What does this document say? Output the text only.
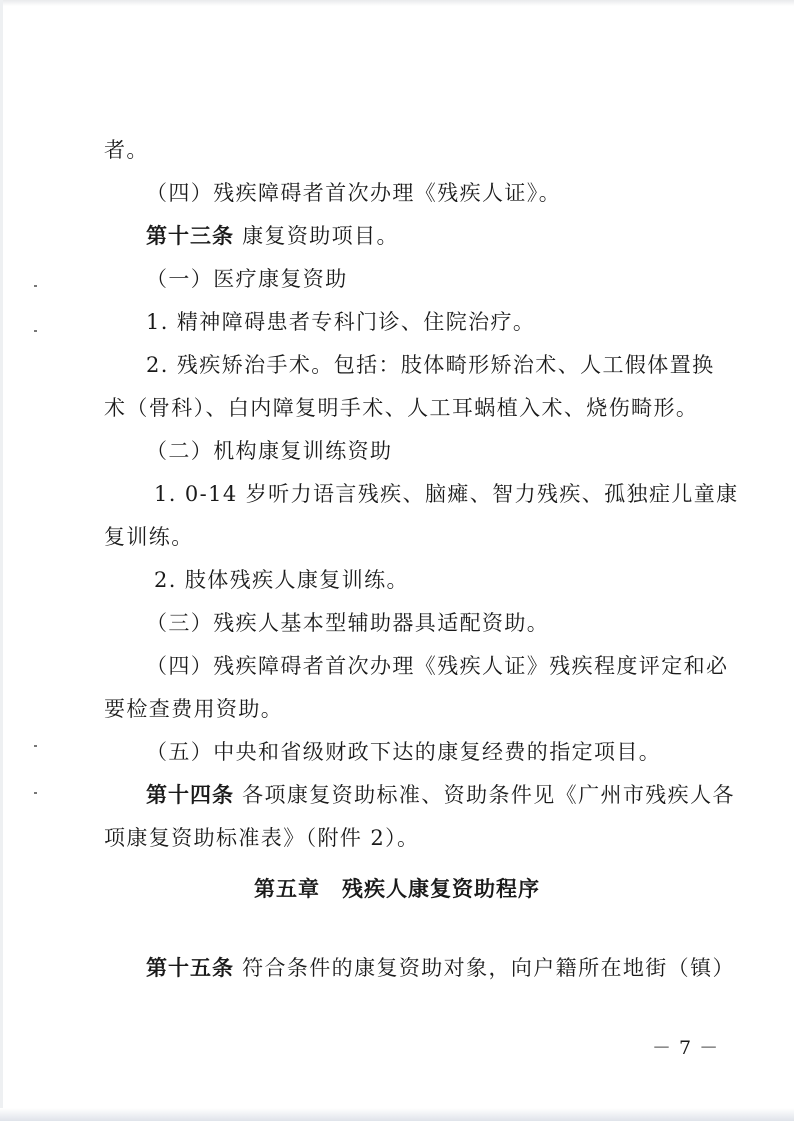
者。
（四）残疾障碍者首次办理《残疾人证》。
第十三条 康复资助项目。
（一）医疗康复资助
1. 精神障碍患者专科门诊、住院治疗。
2. 残疾矫治手术。包括：肢体畸形矫治术、人工假体置换
术（骨科）、白内障复明手术、人工耳蜗植入术、烧伤畸形。
（二）机构康复训练资助
1. 0-14 岁听力语言残疾、脑瘫、智力残疾、孤独症儿童康
复训练。
2. 肢体残疾人康复训练。
（三）残疾人基本型辅助器具适配资助。
（四）残疾障碍者首次办理《残疾人证》残疾程度评定和必
要检查费用资助。
（五）中央和省级财政下达的康复经费的指定项目。
第十四条 各项康复资助标准、资助条件见《广州市残疾人各
项康复资助标准表》（附件 2）。
第五章　残疾人康复资助程序
第十五条 符合条件的康复资助对象，向户籍所在地街（镇）
－ 7 －
